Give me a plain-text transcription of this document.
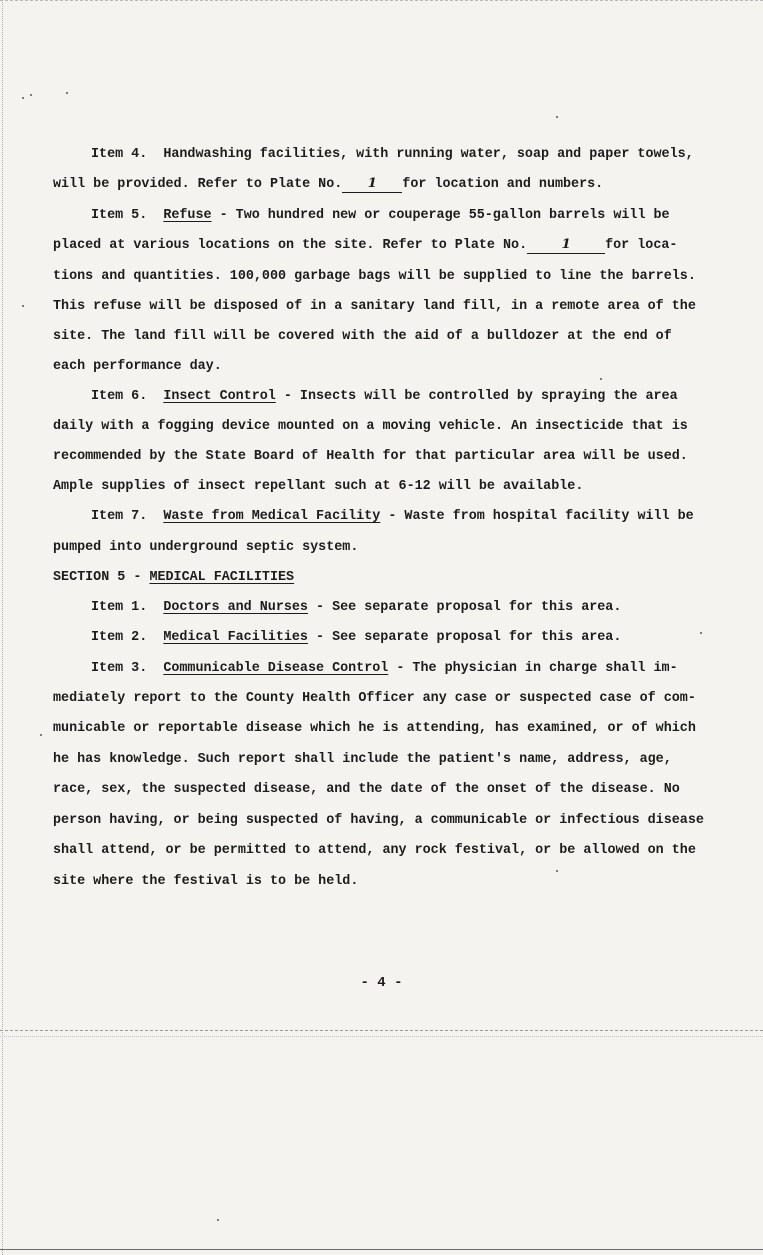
Item 4. Handwashing facilities, with running water, soap and paper towels,
will be provided. Refer to Plate No. 1 for location and numbers.
Item 5. Refuse - Two hundred new or couperage 55-gallon barrels will be
placed at various locations on the site. Refer to Plate No.	1	for loca-
tions and quantities. 100,000 garbage bags will be supplied to line the barrels.
This refuse will be disposed of in a sanitary land fill, in a remote area of the
site. The land fill will be covered with the aid of a bulldozer at the end of
each performance day.
Item 6. Insect Control - Insects will be controlled by spraying the area
daily with a fogging device mounted on a moving vehicle. An insecticide that is
recommended by the State Board of Health for that particular area will be used.
Ample supplies of insect repellant such at 6-12 will be available.
Item 7. Waste from Medical Facility - Waste from hospital facility will be
pumped into underground septic system.
SECTION 5 - MEDICAL FACILITIES
Item 1. Doctors and Nurses - See separate proposal for this area.
Item 2. Medical Facilities - See separate proposal for this area.
Item 3. Communicable Disease Control - The physician in charge shall im-
mediately report to the County Health Officer any case or suspected case of com-
municable or reportable disease which he is attending, has examined, or of which
he has knowledge. Such report shall include the patient's name, address, age,
race, sex, the suspected disease, and the date of the onset of the disease. No
person having, or being suspected of having, a communicable or infectious disease
shall attend, or be permitted to attend, any rock festival, or be allowed on the
site where the festival is to be held.
- 4 -
